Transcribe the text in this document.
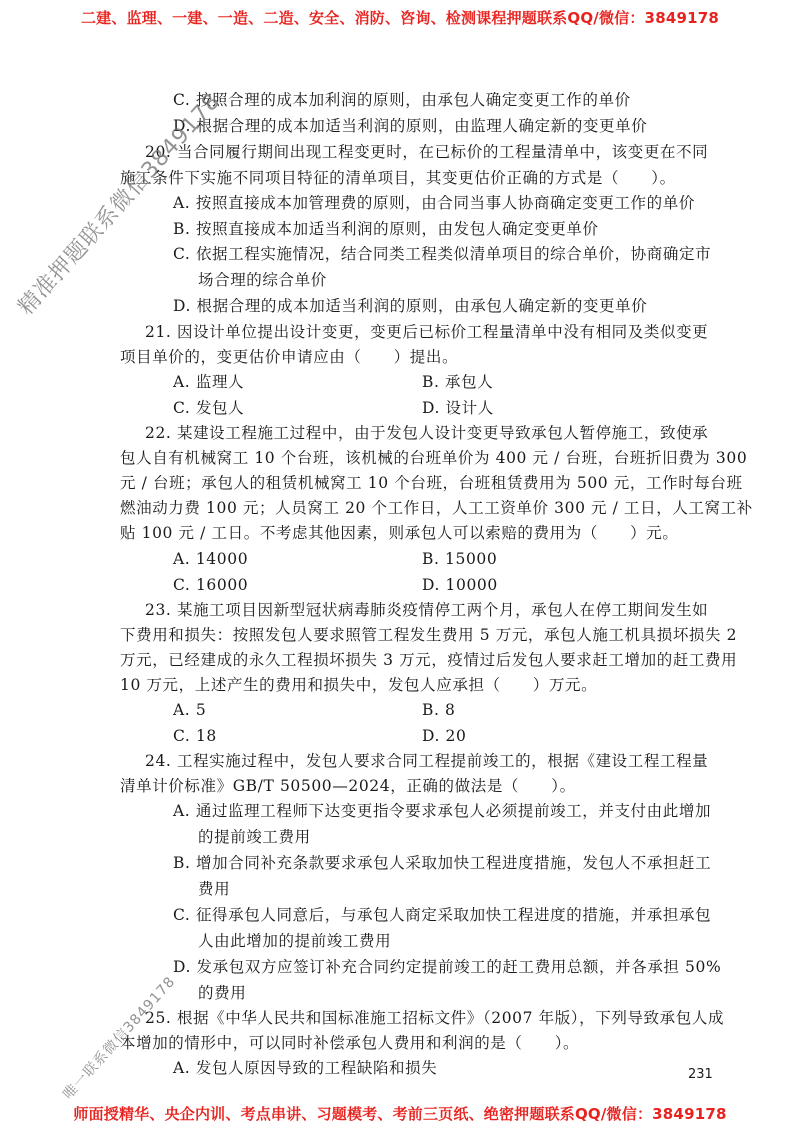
二建、监理、一建、一造、二造、安全、消防、咨询、检测课程押题联系QQ/微信：3849178
C. 按照合理的成本加利润的原则，由承包人确定变更工作的单价
D. 根据合理的成本加适当利润的原则，由监理人确定新的变更单价
20. 当合同履行期间出现工程变更时，在已标价的工程量清单中，该变更在不同
施工条件下实施不同项目特征的清单项目，其变更估价正确的方式是（　　）。
A. 按照直接成本加管理费的原则，由合同当事人协商确定变更工作的单价
B. 按照直接成本加适当利润的原则，由发包人确定变更单价
C. 依据工程实施情况，结合同类工程类似清单项目的综合单价，协商确定市
场合理的综合单价
D. 根据合理的成本加适当利润的原则，由承包人确定新的变更单价
21. 因设计单位提出设计变更，变更后已标价工程量清单中没有相同及类似变更
项目单价的，变更估价申请应由（　　）提出。
A. 监理人	B. 承包人
C. 发包人	D. 设计人
22. 某建设工程施工过程中，由于发包人设计变更导致承包人暂停施工，致使承
包人自有机械窝工 10 个台班，该机械的台班单价为 400 元 / 台班，台班折旧费为 300
元 / 台班；承包人的租赁机械窝工 10 个台班，台班租赁费用为 500 元，工作时每台班
燃油动力费 100 元；人员窝工 20 个工作日，人工工资单价 300 元 / 工日，人工窝工补
贴 100 元 / 工日。不考虑其他因素，则承包人可以索赔的费用为（　　）元。
A. 14000	B. 15000
C. 16000	D. 10000
23. 某施工项目因新型冠状病毒肺炎疫情停工两个月，承包人在停工期间发生如
下费用和损失：按照发包人要求照管工程发生费用 5 万元，承包人施工机具损坏损失 2
万元，已经建成的永久工程损坏损失 3 万元，疫情过后发包人要求赶工增加的赶工费用
10 万元，上述产生的费用和损失中，发包人应承担（　　）万元。
A. 5	B. 8
C. 18	D. 20
24. 工程实施过程中，发包人要求合同工程提前竣工的，根据《建设工程工程量
清单计价标准》GB/T 50500—2024，正确的做法是（　　）。
A. 通过监理工程师下达变更指令要求承包人必须提前竣工，并支付由此增加
的提前竣工费用
B. 增加合同补充条款要求承包人采取加快工程进度措施，发包人不承担赶工
费用
C. 征得承包人同意后，与承包人商定采取加快工程进度的措施，并承担承包
人由此增加的提前竣工费用
D. 发承包双方应签订补充合同约定提前竣工的赶工费用总额，并各承担 50%
的费用
25. 根据《中华人民共和国标准施工招标文件》（2007 年版），下列导致承包人成
本增加的情形中，可以同时补偿承包人费用和利润的是（　　）。
A. 发包人原因导致的工程缺陷和损失
精准押题联系微信3849178
唯一联系微信3849178	231
师面授精华、央企内训、考点串讲、习题模考、考前三页纸、绝密押题联系QQ/微信：3849178
